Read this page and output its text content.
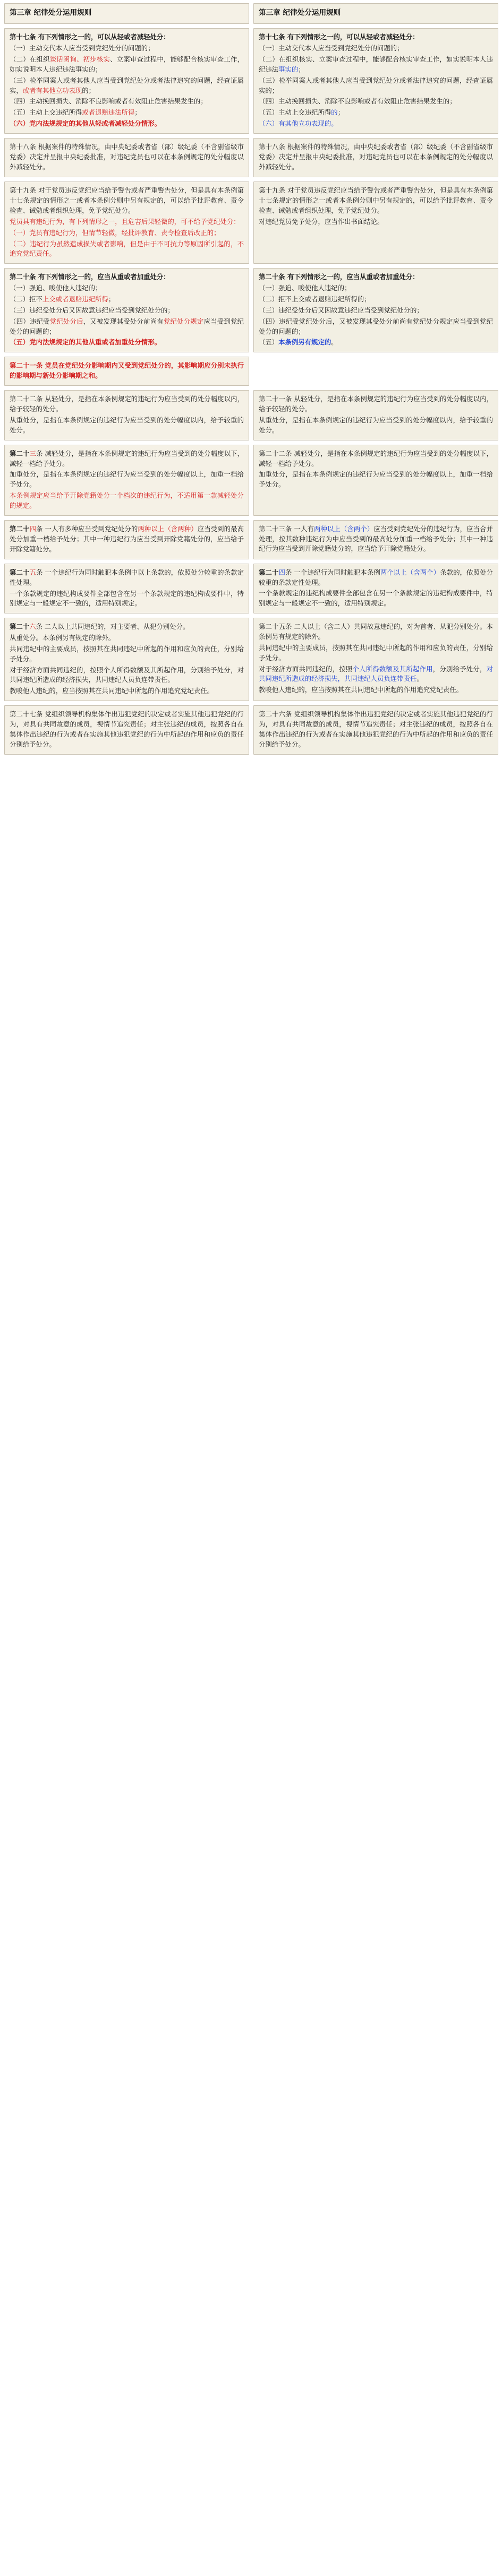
第三章 纪律处分运用规则
第十七条 有下列情形之一的，可以从轻或者减轻处分：
（一）主动交代本人应当受到党纪处分的问题的；
（二）在组织谈话函询、初步核实、立案审查过程中，能够配合核实审查工作，如实说明本人违纪违法事实的；
（三）检举同案人或者其他人应当受到党纪处分或者法律追究的问题，经查证属实，或者有其他立功表现的；
（四）主动挽回损失、消除不良影响或者有效阻止危害结果发生的；
（五）主动上交违纪所得或者退赔违法所得；
（六）党内法规规定的其他从轻或者减轻处分情形。
第十八条 根据案件的特殊情况，由中央纪委或者省（部）级纪委（不含副省级市党委）决定并呈报中央纪委批准，对违纪党员也可以在本条例规定的处分幅度以外减轻处分。
第十九条 对于党员违反党纪应当给予警告或者严重警告处分，但是具有本条例第十七条规定的情形之一或者本条例分则中另有规定的，可以给予批评教育、责令检查、诫勉或者组织处理，免予党纪处分。
党员具有违纪行为，有下列情形之一，且危害后果轻微的，可不给予党纪处分：
（一）党员有违纪行为，但情节轻微，经批评教育、责令检查后改正的；
（二）违纪行为虽然造成损失或者影响，但是由于不可抗力等原因所引起的，不追究党纪责任。
第二十条 有下列情形之一的，应当从重或者加重处分：
（一）强迫、唆使他人违纪的；
（二）拒不上交或者退赔违纪所得；
（三）违纪受处分后又因故意违纪应当受到党纪处分的；
（四）违纪受党纪处分后，又被发现其受处分前尚有党纪处分规定应当受到党纪处分的问题的；
（五）党内法规规定的其他从重或者加重处分情形。
第二十一条 党员在党纪处分影响期内又受到党纪处分的，其影响期应分别未执行的影响期与新处分影响期之和。
第二十二条 从轻处分，是指在本条例规定的违纪行为应当受到的处分幅度以内，给予较轻的处分。
从重处分，是指在本条例规定的违纪行为应当受到的处分幅度以内，给予较重的处分。
第二十三条 减轻处分，是指在本条例规定的违纪行为应当受到的处分幅度以下，减轻一档给予处分。
加重处分，是指在本条例规定的违纪行为应当受到的处分幅度以上，加重一档给予处分。
本条例规定应当给予开除党籍处分一个档次的违纪行为，不适用第一款减轻处分的规定。
第二十四条 一人有多种应当受到党纪处分的两种以上（含两种）应当受到的最高处分加重一档给予处分；其中一种违纪行为应当受到开除党籍处分的，应当给予开除党籍处分。
第二十五条 一个违纪行为同时触犯本条例中以上条款的，依照处分较重的条款定性处理。
一个条款规定的违纪构成要件全部包含在另一个条款规定的违纪构成要件中，特别规定与一般规定不一致的，适用特别规定。
第二十六条 二人以上共同违纪的，对主要者、从犯分别处分。
从重处分。本条例另有规定的除外。
共同违纪中的主要成员，按照其在共同违纪中所起的作用和应负的责任，分别给予处分。
对于经济方面共同违纪的，按照个人所得数额及其所起作用，分别给予处分，对共同违纪所造成的经济损失，共同违纪人员负连带责任。
教唆他人违纪的，应当按照其在共同违纪中所起的作用追究党纪责任。
第二十七条 党组织领导机构集体作出违犯党纪的决定或者实施其他违犯党纪的行为，对具有共同故意的成员，视情节追究责任；对主张违纪的成员，按照各自在集体作出违纪的行为或者在实施其他违犯党纪的行为中所起的作用和应负的责任分别给予处分。
第三章 纪律处分运用规则
第十七条 有下列情形之一的，可以从轻或者减轻处分：
（一）主动交代本人应当受到党纪处分的问题的；
（二）在组织核实、立案审查过程中，能够配合核实审查工作，如实说明本人违纪违法事实的；
（三）检举同案人或者其他人应当受到党纪处分或者法律追究的问题，经查证属实的；
（四）主动挽回损失、消除不良影响或者有效阻止危害结果发生的；
（五）主动上交违纪所得的；
（六）有其他立功表现的。
第十八条 根据案件的特殊情况，由中央纪委或者省（部）级纪委（不含副省级市党委）决定并呈报中央纪委批准，对违纪党员也可以在本条例规定的处分幅度以外减轻处分。
第十九条 对于党员违反党纪应当给予警告或者严重警告处分，但是具有本条例第十七条规定的情形之一或者本条例分则中另有规定的，可以给予批评教育、责令检查、诫勉或者组织处理，免予党纪处分。
对违纪党员免予处分，应当作出书面结论。
第二十条 有下列情形之一的，应当从重或者加重处分：
（一）强迫、唆使他人违纪的；
（二）拒不上交或者退赔违纪所得的；
（三）违纪受处分后又因故意违纪应当受到党纪处分的；
（四）违纪受党纪处分后，又被发现其受处分前尚有党纪处分规定应当受到党纪处分的问题的；
（五）本条例另有规定的。
第二十一条 从轻处分，是指在本条例规定的违纪行为应当受到的处分幅度以内，给予较轻的处分。
从重处分，是指在本条例规定的违纪行为应当受到的处分幅度以内，给予较重的处分。
第二十二条 减轻处分，是指在本条例规定的违纪行为应当受到的处分幅度以下，减轻一档给予处分。
加重处分，是指在本条例规定的违纪行为应当受到的处分幅度以上，加重一档给予处分。
第二十三条 一人有两种以上（含两个）应当受到党纪处分的违纪行为，应当合并处理，按其数种违纪行为中应当受到的最高处分加重一档给予处分；其中一种违纪行为应当受到开除党籍处分的，应当给予开除党籍处分。
第二十四条 一个违纪行为同时触犯本条例两个以上（含两个）条款的，依照处分较重的条款定性处理。
一个条款规定的违纪构成要件全部包含在另一个条款规定的违纪构成要件中，特别规定与一般规定不一致的，适用特别规定。
第二十五条 二人以上（含二人）共同故意违纪的，对为首者、从犯分别处分。本条例另有规定的除外。
共同违纪中的主要成员，按照其在共同违纪中所起的作用和应负的责任，分别给予处分。
对于经济方面共同违纪的，按照个人所得数额及其所起作用，分别给予处分，对共同违纪所造成的经济损失，共同违纪人员负连带责任。
教唆他人违纪的，应当按照其在共同违纪中所起的作用追究党纪责任。
第二十六条 党组织领导机构集体作出违犯党纪的决定或者实施其他违犯党纪的行为，对具有共同故意的成员，视情节追究责任；对主张违纪的成员，按照各自在集体作出违纪的行为或者在实施其他违犯党纪的行为中所起的作用和应负的责任分别给予处分。
